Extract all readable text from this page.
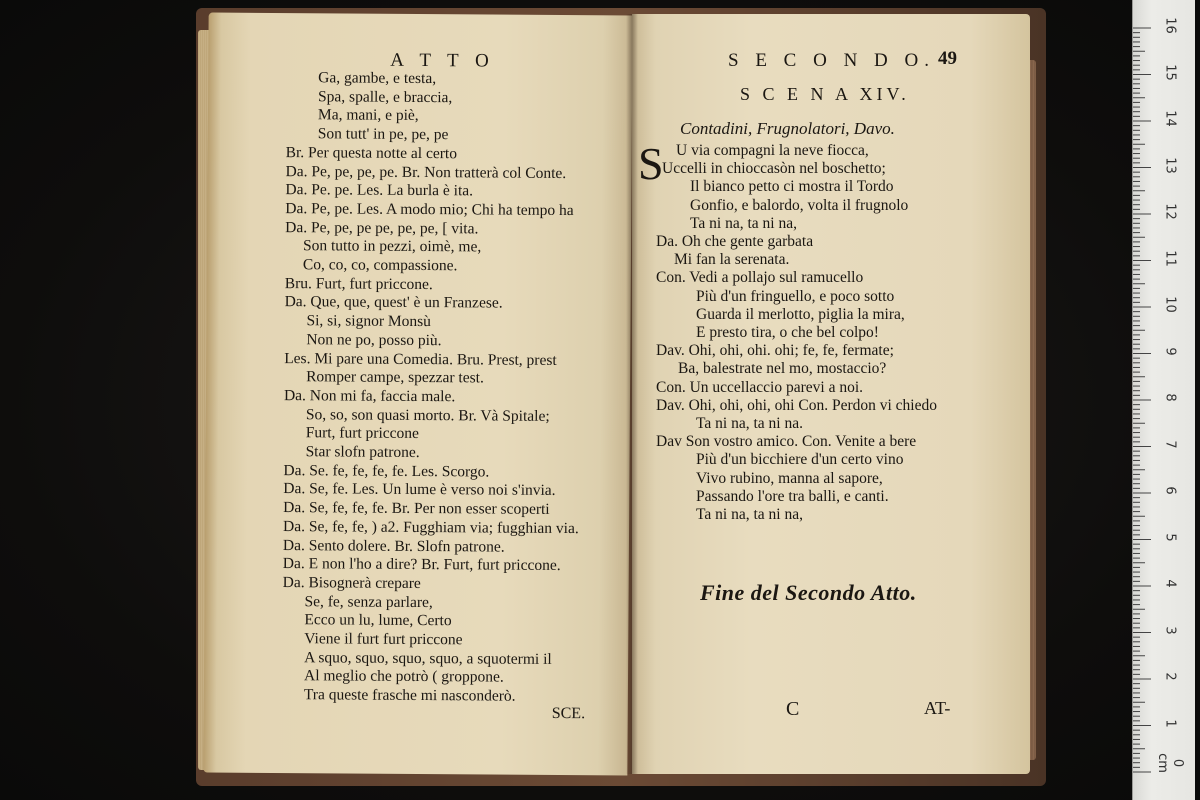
A T T O
Ga, gambe, e testa,
Spa, spalle, e braccia,
Ma, mani, e piè,
Son tutt' in pe, pe, pe
Br. Per questa notte al certo
Da. Pe, pe, pe, pe. Br. Non tratterà col Conte.
Da. Pe. pe. Les. La burla è ita.
Da. Pe, pe. Les. A modo mio; Chi ha tempo ha
Da. Pe, pe, pe pe, pe, pe, [ vita.
Son tutto in pezzi, oimè, me,
Co, co, co, compassione.
Bru. Furt, furt priccone.
Da. Que, que, quest' è un Franzese.
Si, si, signor Monsù
Non ne po, posso più.
Les. Mi pare una Comedia. Bru. Prest, prest
Romper campe, spezzar test.
Da. Non mi fa, faccia male.
So, so, son quasi morto. Br. Và Spitale;
Furt, furt priccone
Star slofn patrone.
Da. Se. fe, fe, fe, fe. Les. Scorgo.
Da. Se, fe. Les. Un lume è verso noi s'invia.
Da. Se, fe, fe, fe. Br. Per non esser scoperti
Da. Se, fe, fe, ) a2. Fugghiam via; fugghian via.
Da. Sento dolere. Br. Slofn patrone.
Da. E non l'ho a dire? Br. Furt, furt priccone.
Da. Bisognerà crepare
Se, fe, senza parlare,
Ecco un lu, lume, Certo
Viene il furt furt priccone
A squo, squo, squo, squo, a squotermi il
Al meglio che potrò ( groppone.
Tra queste frasche mi nasconderò.
SCE.
S E C O N D O. 49
S C E N A XIV.
Contadini, Frugnolatori, Davo.
S U via compagni la neve fiocca,
Uccelli in chioccasòn nel boschetto;
Il bianco petto ci mostra il Tordo
Gonfio, e balordo, volta il frugnolo
Ta ni na, ta ni na,
Da. Oh che gente garbata
Mi fan la serenata.
Con. Vedi a pollajo sul ramucello
Più d'un fringuello, e poco sotto
Guarda il merlotto, piglia la mira,
E presto tira, o che bel colpo!
Dav. Ohi, ohi, ohi. ohi; fe, fe, fermate;
Ba, balestrate nel mo, mostaccio?
Con. Un uccellaccio parevi a noi.
Dav. Ohi, ohi, ohi, ohi Con. Perdon vi chiedo
Ta ni na, ta ni na.
Dav Son vostro amico. Con. Venite a bere
Più d'un bicchiere d'un certo vino
Vivo rubino, manna al sapore,
Passando l'ore tra balli, e canti.
Ta ni na, ta ni na,
Fine del Secondo Atto.
C	AT-
16
15
14
13
12
11
10
9
8
7
6
5
4
3
2
1
0 cm
